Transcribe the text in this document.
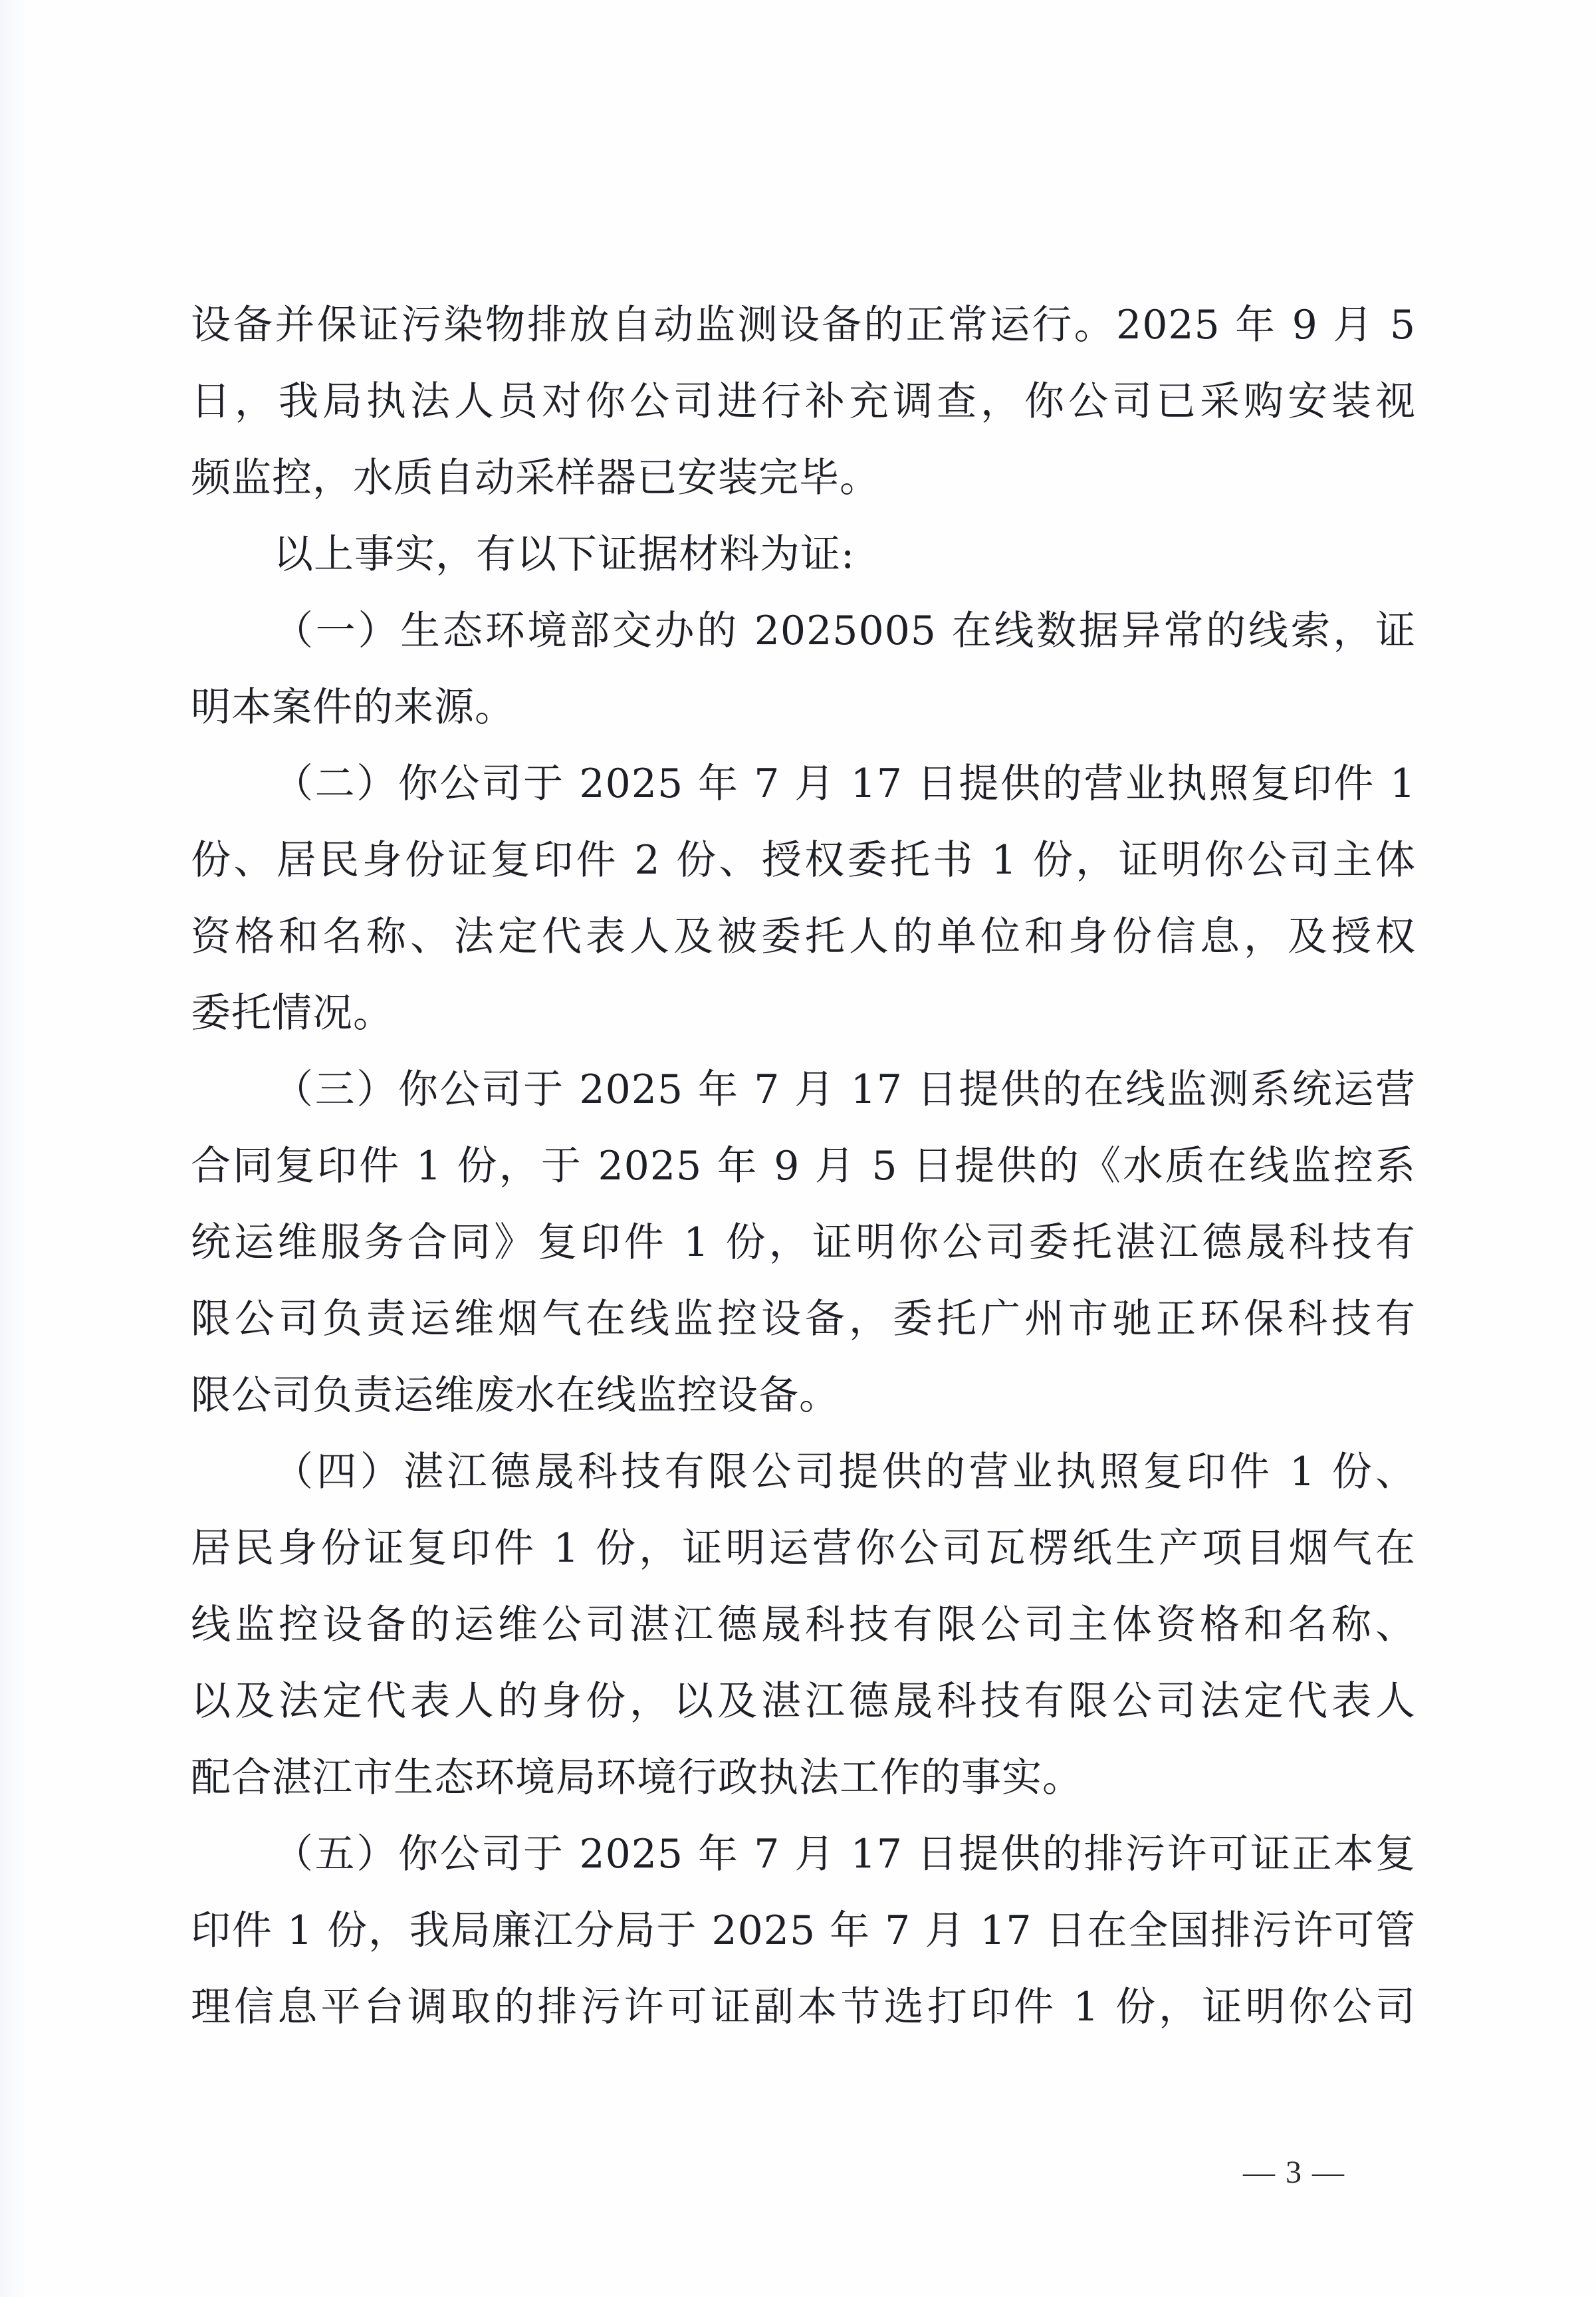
设备并保证污染物排放自动监测设备的正常运行。2025 年 9 月 5
日，我局执法人员对你公司进行补充调查，你公司已采购安装视
频监控，水质自动采样器已安装完毕。
以上事实，有以下证据材料为证:
（一）生态环境部交办的 2025005 在线数据异常的线索，证
明本案件的来源。
（二）你公司于 2025 年 7 月 17 日提供的营业执照复印件 1
份、居民身份证复印件 2 份、授权委托书 1 份，证明你公司主体
资格和名称、法定代表人及被委托人的单位和身份信息，及授权
委托情况。
（三）你公司于 2025 年 7 月 17 日提供的在线监测系统运营
合同复印件 1 份，于 2025 年 9 月 5 日提供的《水质在线监控系
统运维服务合同》复印件 1 份，证明你公司委托湛江德晟科技有
限公司负责运维烟气在线监控设备，委托广州市驰正环保科技有
限公司负责运维废水在线监控设备。
（四）湛江德晟科技有限公司提供的营业执照复印件 1 份、
居民身份证复印件 1 份，证明运营你公司瓦楞纸生产项目烟气在
线监控设备的运维公司湛江德晟科技有限公司主体资格和名称、
以及法定代表人的身份，以及湛江德晟科技有限公司法定代表人
配合湛江市生态环境局环境行政执法工作的事实。
（五）你公司于 2025 年 7 月 17 日提供的排污许可证正本复
印件 1 份，我局廉江分局于 2025 年 7 月 17 日在全国排污许可管
理信息平台调取的排污许可证副本节选打印件 1 份，证明你公司
— 3 —
